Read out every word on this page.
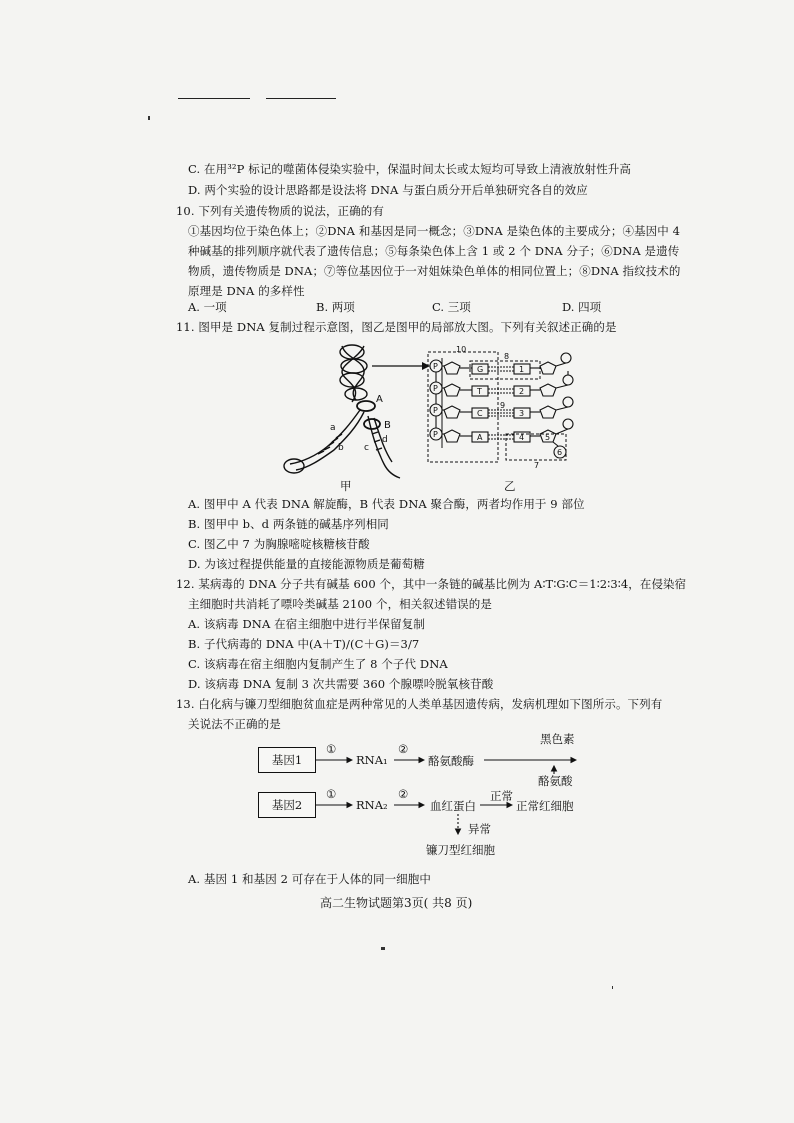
C. 在用³²P 标记的噬菌体侵染实验中，保温时间太长或太短均可导致上清液放射性升高
D. 两个实验的设计思路都是设法将 DNA 与蛋白质分开后单独研究各自的效应
10. 下列有关遗传物质的说法，正确的有
①基因均位于染色体上；②DNA 和基因是同一概念；③DNA 是染色体的主要成分；④基因中 4
种碱基的排列顺序就代表了遗传信息；⑤每条染色体上含 1 或 2 个 DNA 分子；⑥DNA 是遗传
物质，遗传物质是 DNA；⑦等位基因位于一对姐妹染色单体的相同位置上；⑧DNA 指纹技术的
原理是 DNA 的多样性
A. 一项	B. 两项	C. 三项	D. 四项
11. 图甲是 DNA 复制过程示意图，图乙是图甲的局部放大图。下列有关叙述正确的是
A
B
a
b c
d
P
P
P
P
G
T
C
A
1
2
3
4
10
8
9
7
5
6
甲	乙
A. 图甲中 A 代表 DNA 解旋酶，B 代表 DNA 聚合酶，两者均作用于 9 部位
B. 图甲中 b、d 两条链的碱基序列相同
C. 图乙中 7 为胸腺嘧啶核糖核苷酸
D. 为该过程提供能量的直接能源物质是葡萄糖
12. 某病毒的 DNA 分子共有碱基 600 个，其中一条链的碱基比例为 A∶T∶G∶C＝1∶2∶3∶4，在侵染宿
主细胞时共消耗了嘌呤类碱基 2100 个，相关叙述错误的是
A. 该病毒 DNA 在宿主细胞中进行半保留复制
B. 子代病毒的 DNA 中(A＋T)/(C＋G)＝3/7
C. 该病毒在宿主细胞内复制产生了 8 个子代 DNA
D. 该病毒 DNA 复制 3 次共需要 360 个腺嘌呤脱氧核苷酸
13. 白化病与镰刀型细胞贫血症是两种常见的人类单基因遗传病，发病机理如下图所示。下列有
关说法不正确的是
基因1
基因2
①
RNA₁
②
酪氨酸酶
黑色素
酪氨酸
①
RNA₂
②
血红蛋白
正常
正常红细胞
异常
镰刀型红细胞
A. 基因 1 和基因 2 可存在于人体的同一细胞中
高二生物试题第3页( 共8 页)
